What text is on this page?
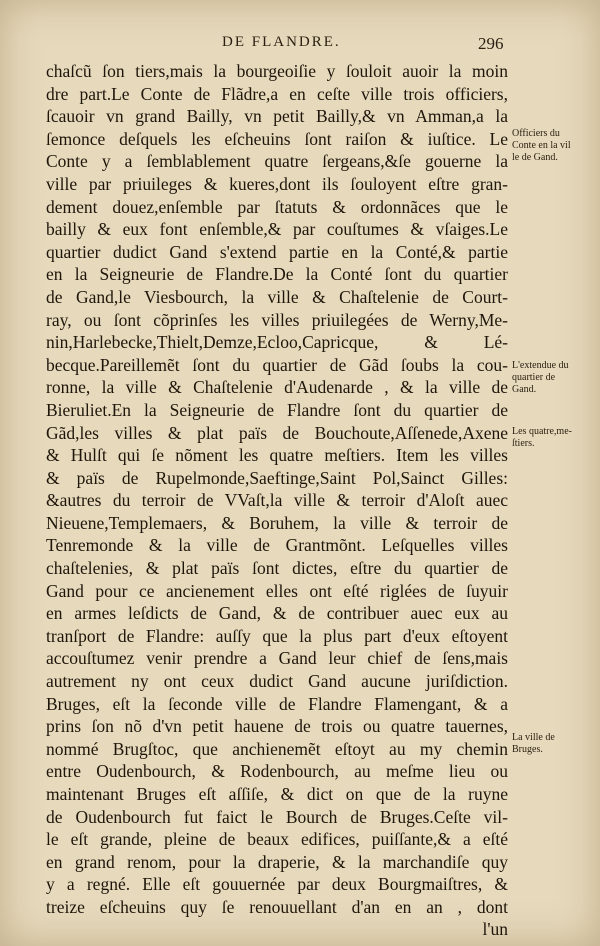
DE FLANDRE.	296
chaſcũ ſon tiers,mais la bourgeoiſie y ſouloit auoir la moin
dre part.Le Conte de Flãdre,a en ceſte ville trois officiers,
ſcauoir vn grand Bailly, vn petit Bailly,& vn Amman,a la
ſemonce deſquels les eſcheuins ſont raiſon & iuſtice. Le
Conte y a ſemblablement quatre ſergeans,&ſe gouerne la
ville par priuileges & kueres,dont ils ſouloyent eſtre gran-
dement douez,enſemble par ſtatuts & ordonnãces que le
bailly & eux font enſemble,& par couſtumes & vſaiges.Le
quartier dudict Gand s'extend partie en la Conté,& partie
en la Seigneurie de Flandre.De la Conté ſont du quartier
de Gand,le Viesbourch, la ville & Chaſtelenie de Court-
ray, ou ſont cõprinſes les villes priuilegées de Werny,Me-
nin,Harlebecke,Thielt,Demze,Ecloo,Capricque, & Lé-
becque.Pareillemẽt ſont du quartier de Gãd ſoubs la cou-
ronne, la ville & Chaſtelenie d'Audenarde , & la ville de
Bieruliet.En la Seigneurie de Flandre ſont du quartier de
Gãd,les villes & plat païs de Bouchoute,Aſſenede,Axene
& Hulſt qui ſe nõment les quatre meſtiers. Item les villes
& païs de Rupelmonde,Saeftinge,Saint Pol,Sainct Gilles:
&autres du terroir de VVaſt,la ville & terroir d'Aloſt auec
Nieuene,Templemaers, & Boruhem, la ville & terroir de
Tenremonde & la ville de Grantmõnt. Leſquelles villes
chaſtelenies, & plat païs ſont dictes, eſtre du quartier de
Gand pour ce ancienement elles ont eſté riglées de ſuyuir
en armes leſdicts de Gand, & de contribuer auec eux au
tranſport de Flandre: auſſy que la plus part d'eux eſtoyent
accouſtumez venir prendre a Gand leur chief de ſens,mais
autrement ny ont ceux dudict Gand aucune juriſdiction.
Bruges, eſt la ſeconde ville de Flandre Flamengant, & a
prins ſon nõ d'vn petit hauene de trois ou quatre tauernes,
nommé Brugſtoc, que anchienemẽt eſtoyt au my chemin
entre Oudenbourch, & Rodenbourch, au meſme lieu ou
maintenant Bruges eſt aſſiſe, & dict on que de la ruyne
de Oudenbourch fut faict le Bourch de Bruges.Ceſte vil-
le eſt grande, pleine de beaux edifices, puiſſante,& a eſté
en grand renom, pour la draperie, & la marchandiſe quy
y a regné. Elle eſt gouuernée par deux Bourgmaiſtres, &
treize eſcheuins quy ſe renouuellant d'an en an , dont
l'un
Officiers du
Conte en la vil
le de Gand.
L'extendue du
quartier de
Gand.
Les quatre,me-
ſtiers.
La ville de
Bruges.
